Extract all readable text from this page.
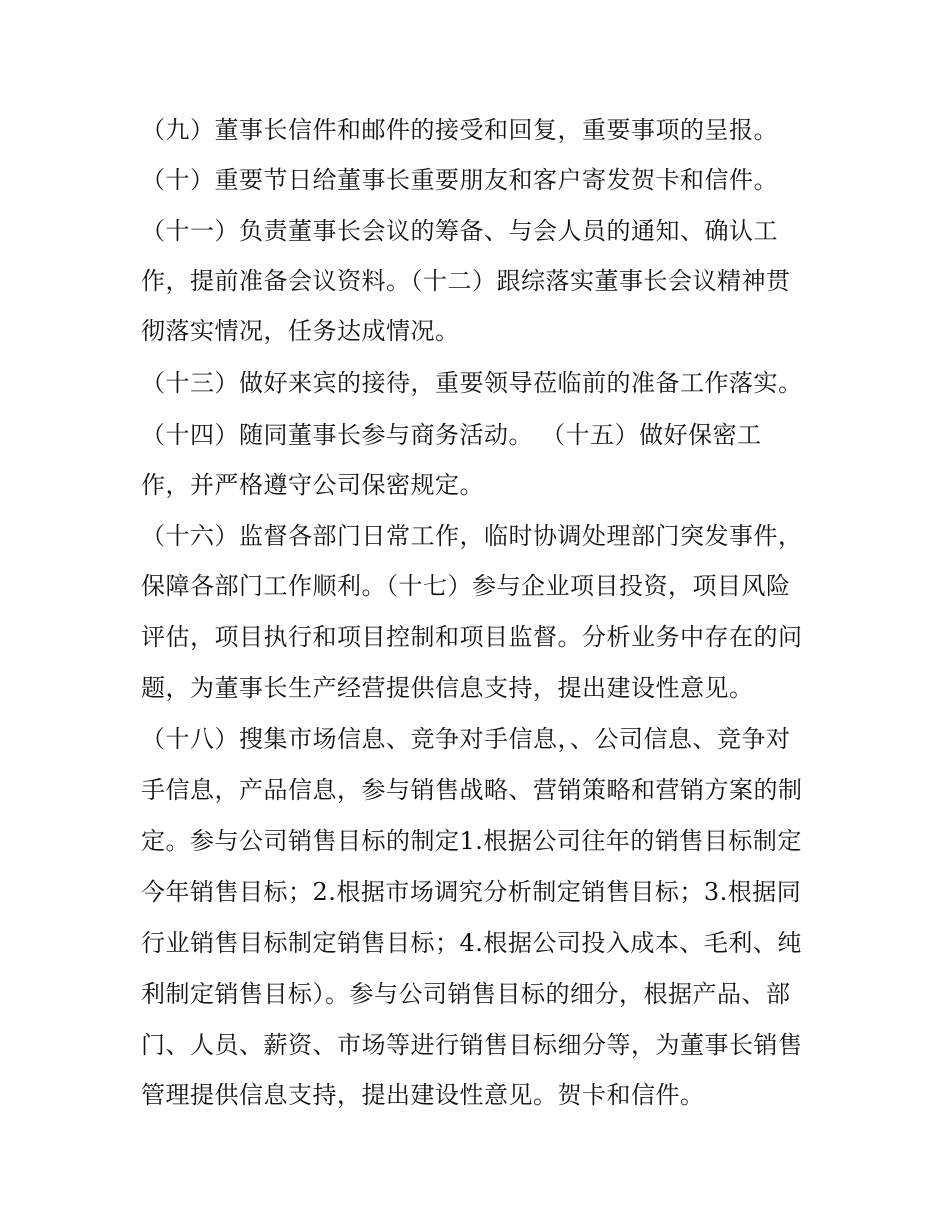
（九）董事长信件和邮件的接受和回复，重要事项的呈报。
（十）重要节日给董事长重要朋友和客户寄发贺卡和信件。
（十一）负责董事长会议的筹备、与会人员的通知、确认工
作，提前准备会议资料。（十二）跟综落实董事长会议精神贯
彻落实情况，任务达成情况。
（十三）做好来宾的接待，重要领导莅临前的准备工作落实。
（十四）随同董事长参与商务活动。 （十五）做好保密工
作，并严格遵守公司保密规定。
（十六）监督各部门日常工作，临时协调处理部门突发事件，
保障各部门工作顺利。（十七）参与企业项目投资，项目风险
评估，项目执行和项目控制和项目监督。分析业务中存在的问
题，为董事长生产经营提供信息支持，提出建设性意见。
（十八）搜集市场信息、竞争对手信息，、公司信息、竞争对
手信息，产品信息，参与销售战略、营销策略和营销方案的制
定。参与公司销售目标的制定1.根据公司往年的销售目标制定
今年销售目标；2.根据市场调究分析制定销售目标；3.根据同
行业销售目标制定销售目标；4.根据公司投入成本、毛利、纯
利制定销售目标）。参与公司销售目标的细分，根据产品、部
门、人员、薪资、市场等进行销售目标细分等，为董事长销售
管理提供信息支持，提出建设性意见。贺卡和信件。
